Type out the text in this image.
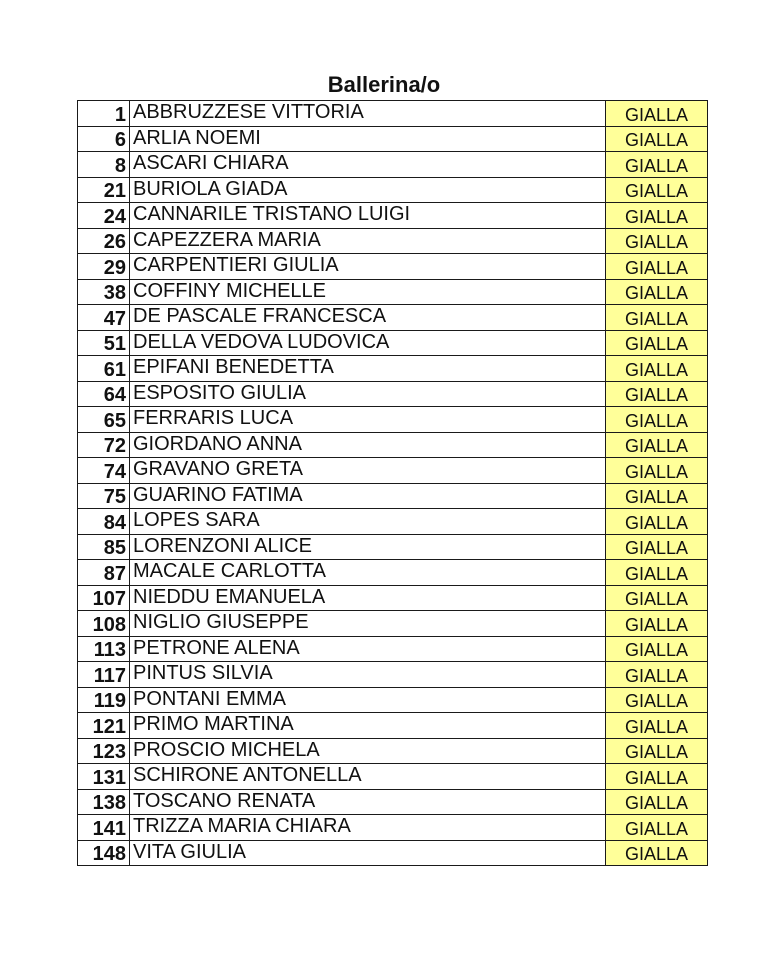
Ballerina/o
1	ABBRUZZESE VITTORIA	GIALLA
6	ARLIA NOEMI	GIALLA
8	ASCARI CHIARA	GIALLA
21	BURIOLA GIADA	GIALLA
24	CANNARILE TRISTANO LUIGI	GIALLA
26	CAPEZZERA MARIA	GIALLA
29	CARPENTIERI GIULIA	GIALLA
38	COFFINY MICHELLE	GIALLA
47	DE PASCALE FRANCESCA	GIALLA
51	DELLA VEDOVA LUDOVICA	GIALLA
61	EPIFANI BENEDETTA	GIALLA
64	ESPOSITO GIULIA	GIALLA
65	FERRARIS LUCA	GIALLA
72	GIORDANO ANNA	GIALLA
74	GRAVANO GRETA	GIALLA
75	GUARINO FATIMA	GIALLA
84	LOPES SARA	GIALLA
85	LORENZONI ALICE	GIALLA
87	MACALE CARLOTTA	GIALLA
107	NIEDDU EMANUELA	GIALLA
108	NIGLIO GIUSEPPE	GIALLA
113	PETRONE ALENA	GIALLA
117	PINTUS SILVIA	GIALLA
119	PONTANI EMMA	GIALLA
121	PRIMO MARTINA	GIALLA
123	PROSCIO MICHELA	GIALLA
131	SCHIRONE ANTONELLA	GIALLA
138	TOSCANO RENATA	GIALLA
141	TRIZZA MARIA CHIARA	GIALLA
148	VITA GIULIA	GIALLA
